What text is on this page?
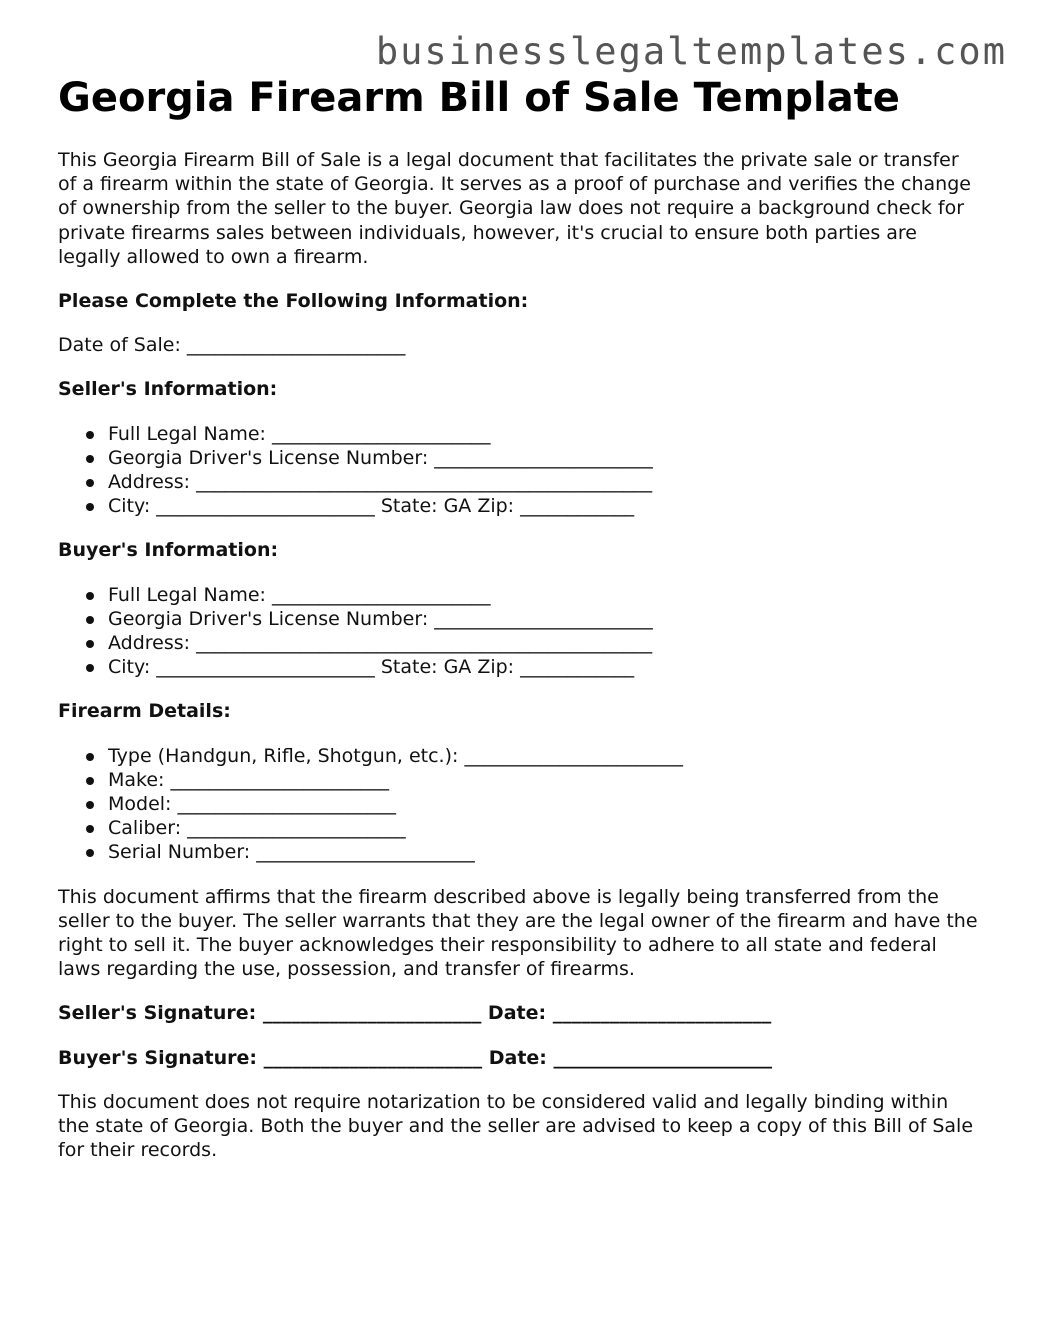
businesslegaltemplates.com
Georgia Firearm Bill of Sale Template

This Georgia Firearm Bill of Sale is a legal document that facilitates the private sale or transfer of a firearm within the state of Georgia. It serves as a proof of purchase and verifies the change of ownership from the seller to the buyer. Georgia law does not require a background check for private firearms sales between individuals, however, it's crucial to ensure both parties are legally allowed to own a firearm.

Please Complete the Following Information:

Date of Sale: _______________________

Seller's Information:
Full Legal Name: _______________________
Georgia Driver's License Number: _______________________
Address: ________________________________________________
City: _______________________ State: GA Zip: ____________
Buyer's Information:
Full Legal Name: _______________________
Georgia Driver's License Number: _______________________
Address: ________________________________________________
City: _______________________ State: GA Zip: ____________
Firearm Details:
Type (Handgun, Rifle, Shotgun, etc.): _______________________
Make: _______________________
Model: _______________________
Caliber: _______________________
Serial Number: _______________________

This document affirms that the firearm described above is legally being transferred from the seller to the buyer. The seller warrants that they are the legal owner of the firearm and have the right to sell it. The buyer acknowledges their responsibility to adhere to all state and federal laws regarding the use, possession, and transfer of firearms.

Seller's Signature: _______________________ Date: _______________________
Buyer's Signature: _______________________ Date: _______________________

This document does not require notarization to be considered valid and legally binding within the state of Georgia. Both the buyer and the seller are advised to keep a copy of this Bill of Sale for their records.
